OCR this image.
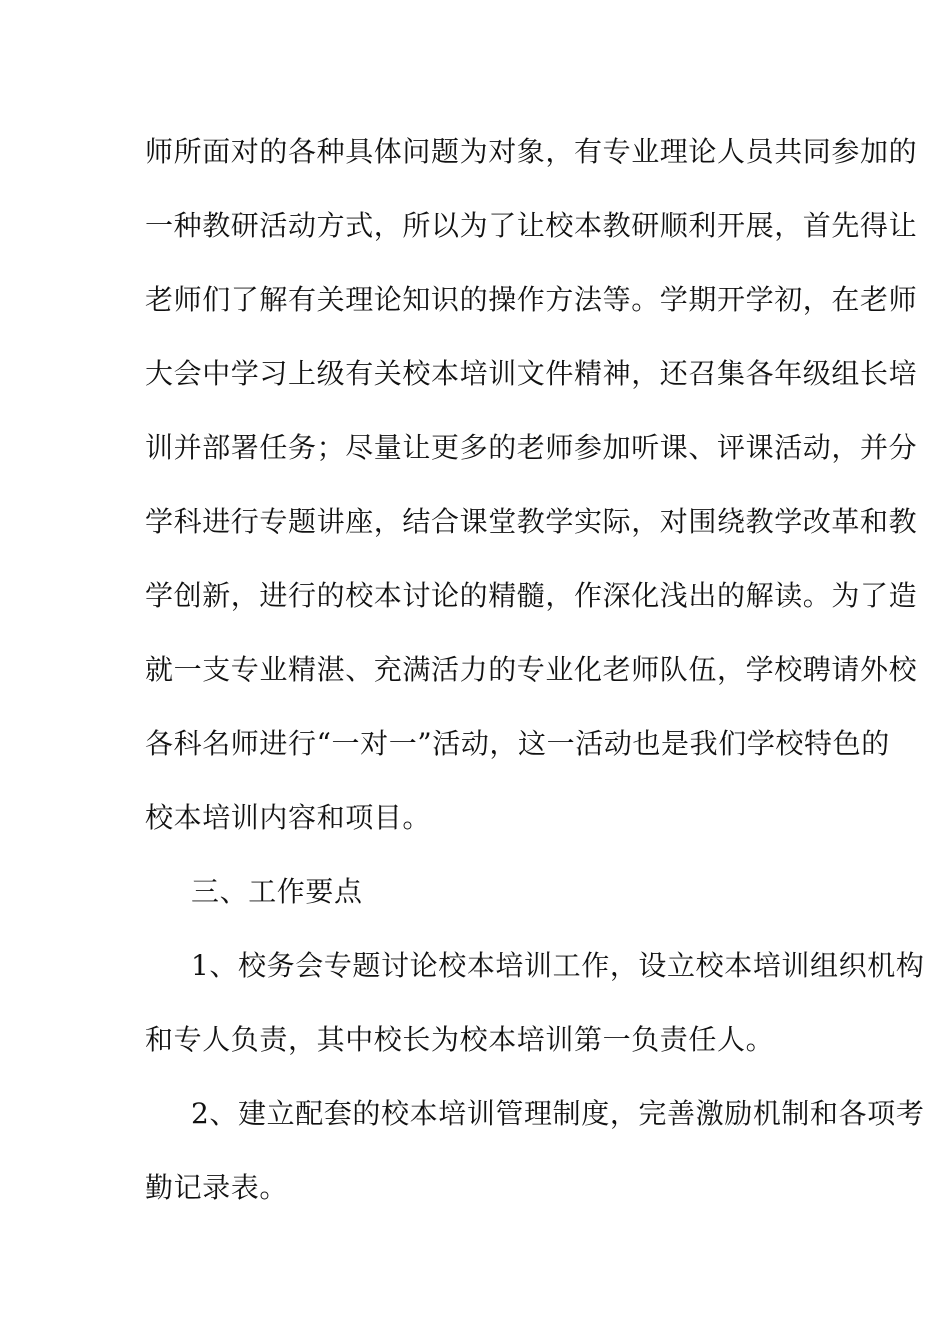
师所面对的各种具体问题为对象，有专业理论人员共同参加的
一种教研活动方式，所以为了让校本教研顺利开展，首先得让
老师们了解有关理论知识的操作方法等。学期开学初，在老师
大会中学习上级有关校本培训文件精神，还召集各年级组长培
训并部署任务；尽量让更多的老师参加听课、评课活动，并分
学科进行专题讲座，结合课堂教学实际，对围绕教学改革和教
学创新，进行的校本讨论的精髓，作深化浅出的解读。为了造
就一支专业精湛、充满活力的专业化老师队伍，学校聘请外校
各科名师进行“一对一”活动，这一活动也是我们学校特色的
校本培训内容和项目。
三、工作要点
1、校务会专题讨论校本培训工作，设立校本培训组织机构
和专人负责，其中校长为校本培训第一负责任人。
2、建立配套的校本培训管理制度，完善激励机制和各项考
勤记录表。
